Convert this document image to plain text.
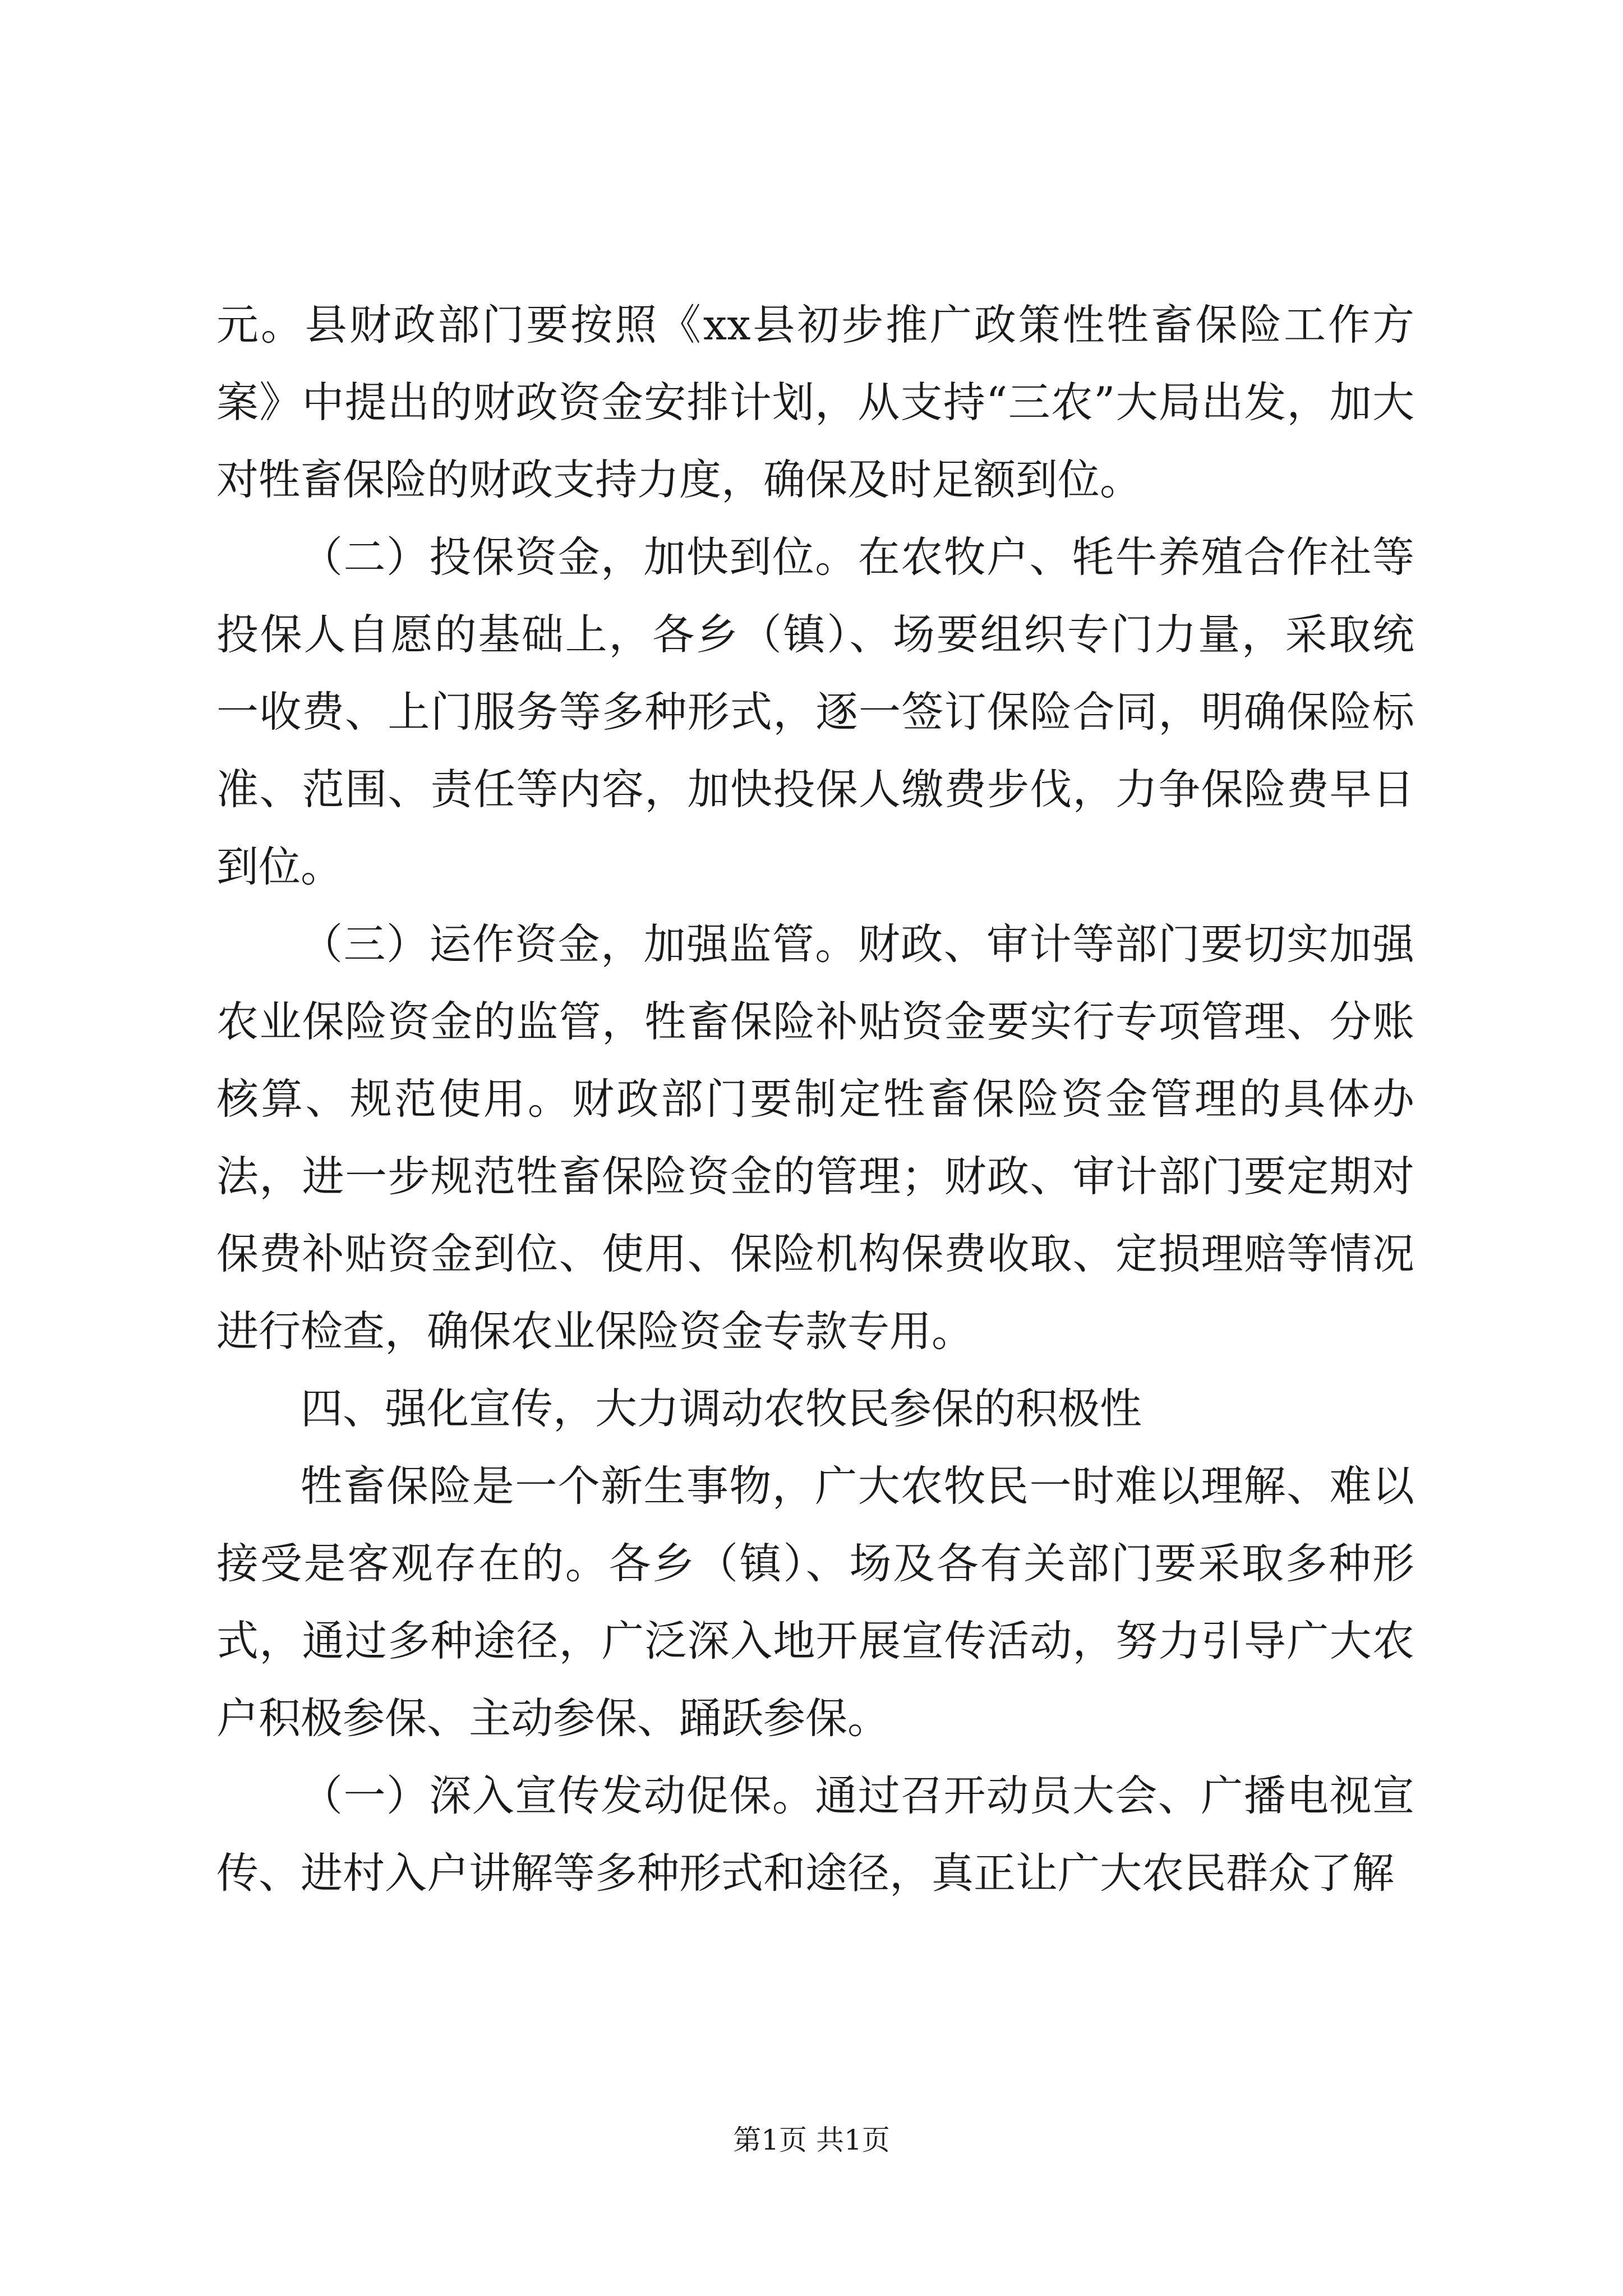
元。县财政部门要按照《xx县初步推广政策性牲畜保险工作方案》中提出的财政资金安排计划，从支持“三农”大局出发，加大对牲畜保险的财政支持力度，确保及时足额到位。

（二）投保资金，加快到位。在农牧户、牦牛养殖合作社等投保人自愿的基础上，各乡（镇）、场要组织专门力量，采取统一收费、上门服务等多种形式，逐一签订保险合同，明确保险标准、范围、责任等内容，加快投保人缴费步伐，力争保险费早日到位。

（三）运作资金，加强监管。财政、审计等部门要切实加强农业保险资金的监管，牲畜保险补贴资金要实行专项管理、分账核算、规范使用。财政部门要制定牲畜保险资金管理的具体办法，进一步规范牲畜保险资金的管理；财政、审计部门要定期对保费补贴资金到位、使用、保险机构保费收取、定损理赔等情况进行检查，确保农业保险资金专款专用。

四、强化宣传，大力调动农牧民参保的积极性

牲畜保险是一个新生事物，广大农牧民一时难以理解、难以接受是客观存在的。各乡（镇）、场及各有关部门要采取多种形式，通过多种途径，广泛深入地开展宣传活动，努力引导广大农户积极参保、主动参保、踊跃参保。

（一）深入宣传发动促保。通过召开动员大会、广播电视宣传、进村入户讲解等多种形式和途径，真正让广大农民群众了解

第1页 共1页
